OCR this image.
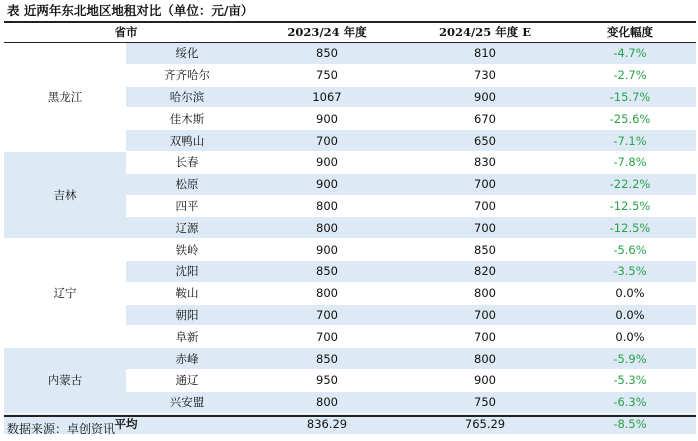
表 近两年东北地区地租对比（单位：元/亩）
省市		2023/24 年度	2024/25 年度 E	变化幅度
黑龙江	绥化	850	810	-4.7%
	齐齐哈尔	750	730	-2.7%
	哈尔滨	1067	900	-15.7%
	佳木斯	900	670	-25.6%
	双鸭山	700	650	-7.1%
吉林	长春	900	830	-7.8%
	松原	900	700	-22.2%
	四平	800	700	-12.5%
	辽源	800	700	-12.5%
辽宁	铁岭	900	850	-5.6%
	沈阳	850	820	-3.5%
	鞍山	800	800	0.0%
	朝阳	700	700	0.0%
	阜新	700	700	0.0%
内蒙古	赤峰	850	800	-5.9%
	通辽	950	900	-5.3%
	兴安盟	800	750	-6.3%
平均		836.29	765.29	-8.5%
数据来源：卓创资讯
